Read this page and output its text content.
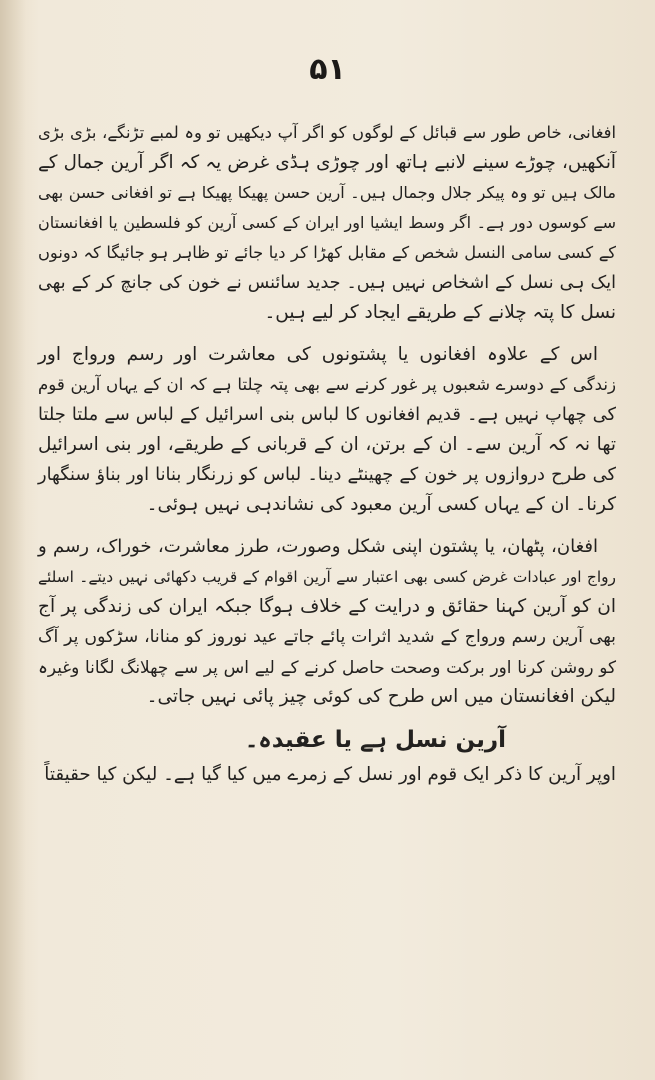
۵۱
افغانی، خاص طور سے قبائل کے لوگوں کو اگر آپ دیکھیں تو وہ لمبے تڑنگے، بڑی بڑی
آنکھیں، چوڑے سینے لانبے ہاتھ اور چوڑی ہڈی غرض یہ کہ اگر آرین جمال کے
مالک ہیں تو وہ پیکر جلال وجمال ہیں۔ آرین حسن پھیکا پھیکا ہے تو افغانی حسن بھی
سے کوسوں دور ہے۔ اگر وسط ایشیا اور ایران کے کسی آرین کو فلسطین یا افغانستان
کے کسی سامی النسل شخص کے مقابل کھڑا کر دیا جائے تو ظاہر ہو جائیگا کہ دونوں
ایک ہی نسل کے اشخاص نہیں ہیں۔ جدید سائنس نے خون کی جانچ کر کے بھی
نسل کا پتہ چلانے کے طریقے ایجاد کر لیے ہیں۔
اس کے علاوہ افغانوں یا پشتونوں کی معاشرت اور رسم ورواج اور
زندگی کے دوسرے شعبوں پر غور کرنے سے بھی پتہ چلتا ہے کہ ان کے یہاں آرین قوم
کی چھاپ نہیں ہے۔ قدیم افغانوں کا لباس بنی اسرائیل کے لباس سے ملتا جلتا
تھا نہ کہ آرین سے۔ ان کے برتن، ان کے قربانی کے طریقے، اور بنی اسرائیل
کی طرح دروازوں پر خون کے چھینٹے دینا۔ لباس کو زرنگار بنانا اور بناؤ سنگھار
کرنا۔ ان کے یہاں کسی آرین معبود کی نشاندہی نہیں ہوئی۔
افغان، پٹھان، یا پشتون اپنی شکل وصورت، طرز معاشرت، خوراک، رسم و
رواج اور عبادات غرض کسی بھی اعتبار سے آرین اقوام کے قریب دکھائی نہیں دیتے۔ اسلئے
ان کو آرین کہنا حقائق و درایت کے خلاف ہوگا جبکہ ایران کی زندگی پر آج
بھی آرین رسم ورواج کے شدید اثرات پائے جاتے عید نوروز کو منانا، سڑکوں پر آگ
کو روشن کرنا اور برکت وصحت حاصل کرنے کے لیے اس پر سے چھلانگ لگانا وغیرہ
لیکن افغانستان میں اس طرح کی کوئی چیز پائی نہیں جاتی۔
آرین نسل ہے یا عقیدہ۔
اوپر آرین کا ذکر ایک قوم اور نسل کے زمرے میں کیا گیا ہے۔ لیکن کیا حقیقتاً
